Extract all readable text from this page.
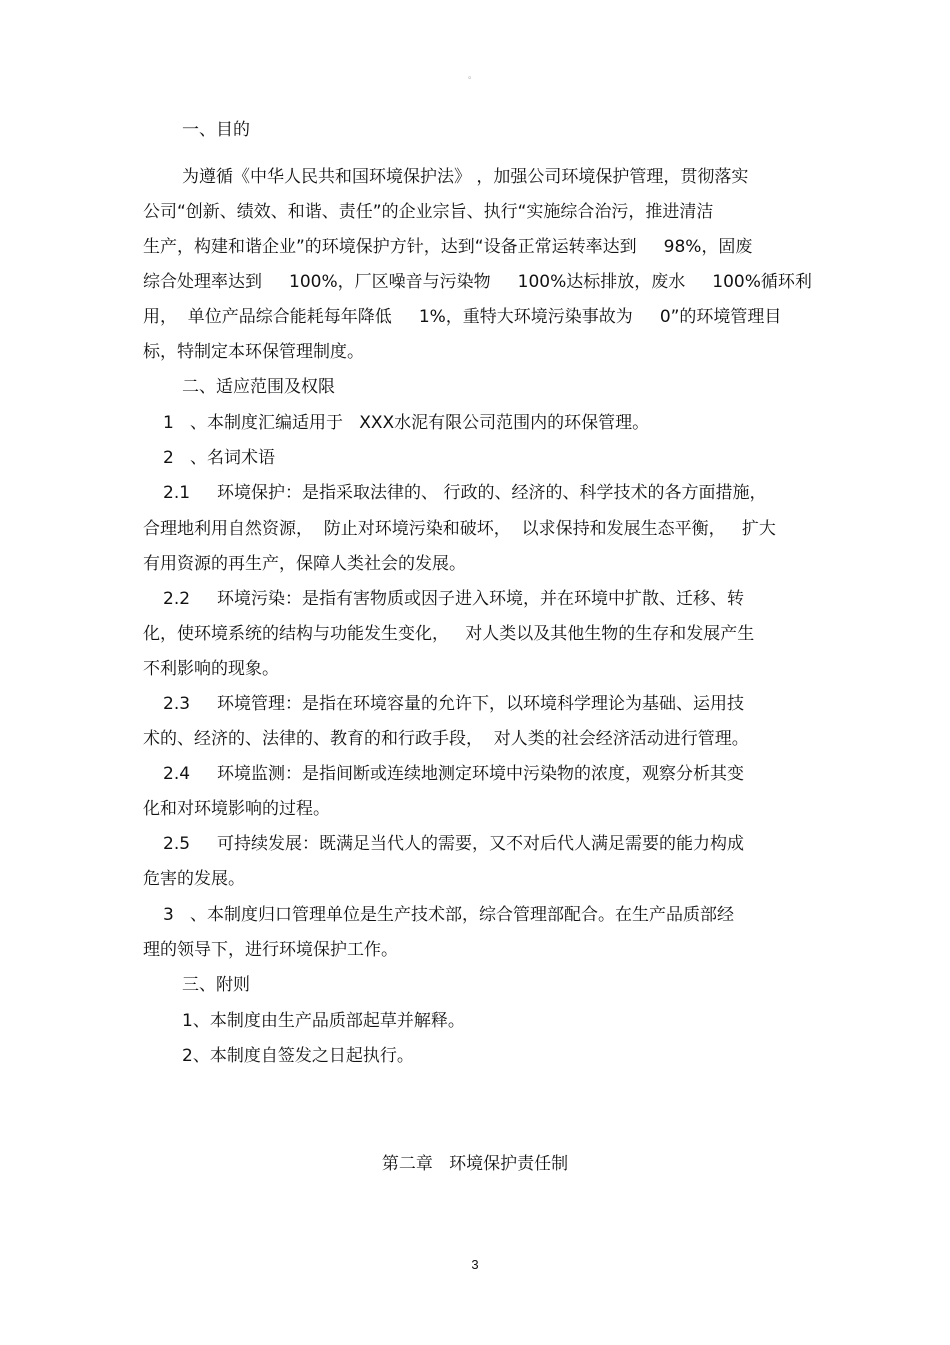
。
一、目的
为遵循《中华人民共和国环境保护法》 ，加强公司环境保护管理，贯彻落实
公司“创新、绩效、和谐、责任”的企业宗旨、执行“实施综合治污，推进清洁
生产，构建和谐企业”的环境保护方针，达到“设备正常运转率达到     98%，固废
综合处理率达到     100%，厂区噪音与污染物     100%达标排放，废水     100%循环利
用，  单位产品综合能耗每年降低     1%，重特大环境污染事故为     0”的环境管理目
标，特制定本环保管理制度。
二、适应范围及权限
1   、本制度汇编适用于   XXX水泥有限公司范围内的环保管理。
2   、名词术语
2.1     环境保护：是指采取法律的、 行政的、经济的、科学技术的各方面措施，
合理地利用自然资源，  防止对环境污染和破坏，  以求保持和发展生态平衡，   扩大
有用资源的再生产，保障人类社会的发展。
2.2     环境污染：是指有害物质或因子进入环境，并在环境中扩散、迁移、转
化，使环境系统的结构与功能发生变化，   对人类以及其他生物的生存和发展产生
不利影响的现象。
2.3     环境管理：是指在环境容量的允许下，以环境科学理论为基础、运用技
术的、经济的、法律的、教育的和行政手段，  对人类的社会经济活动进行管理。
2.4     环境监测：是指间断或连续地测定环境中污染物的浓度，观察分析其变
化和对环境影响的过程。
2.5     可持续发展：既满足当代人的需要，又不对后代人满足需要的能力构成
危害的发展。
3   、本制度归口管理单位是生产技术部，综合管理部配合。在生产品质部经
理的领导下，进行环境保护工作。
三、附则
1、本制度由生产品质部起草并解释。
2、本制度自签发之日起执行。
第二章   环境保护责任制
3
